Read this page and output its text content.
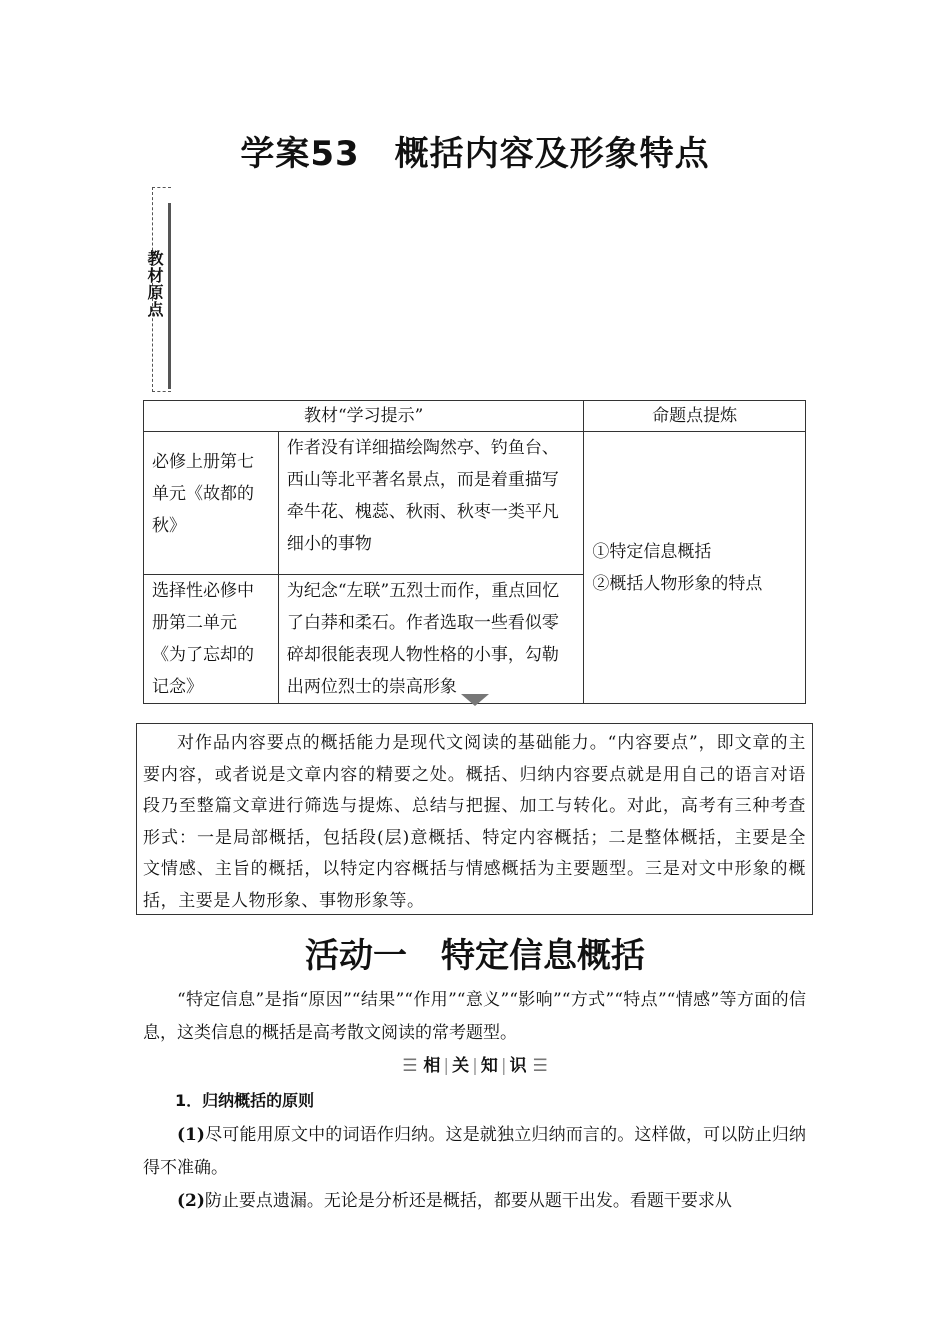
学案53　概括内容及形象特点
教材原点
教材“学习提示”		命题点提炼
必修上册第七单元《故都的秋》	作者没有详细描绘陶然亭、钓鱼台、西山等北平著名景点，而是着重描写牵牛花、槐蕊、秋雨、秋枣一类平凡细小的事物	①特定信息概括
②概括人物形象的特点

选择性必修中册第二单元《为了忘却的记念》	为纪念“左联”五烈士而作，重点回忆了白莽和柔石。作者选取一些看似零碎却很能表现人物性格的小事，勾勒出两位烈士的崇高形象	

对作品内容要点的概括能力是现代文阅读的基础能力。“内容要点”，即文章的主要内容，或者说是文章内容的精要之处。概括、归纳内容要点就是用自己的语言对语段乃至整篇文章进行筛选与提炼、总结与把握、加工与转化。对此，高考有三种考查形式：一是局部概括，包括段(层)意概括、特定内容概括；二是整体概括，主要是全文情感、主旨的概括，以特定内容概括与情感概括为主要题型。三是对文中形象的概括，主要是人物形象、事物形象等。

活动一　特定信息概括

“特定信息”是指“原因”“结果”“作用”“意义”“影响”“方式”“特点”“情感”等方面的信息，这类信息的概括是高考散文阅读的常考题型。

☰ 相 | 关 | 知 | 识 ☰

1．归纳概括的原则

(1)尽可能用原文中的词语作归纳。这是就独立归纳而言的。这样做，可以防止归纳得不准确。

(2)防止要点遗漏。无论是分析还是概括，都要从题干出发。看题干要求从
